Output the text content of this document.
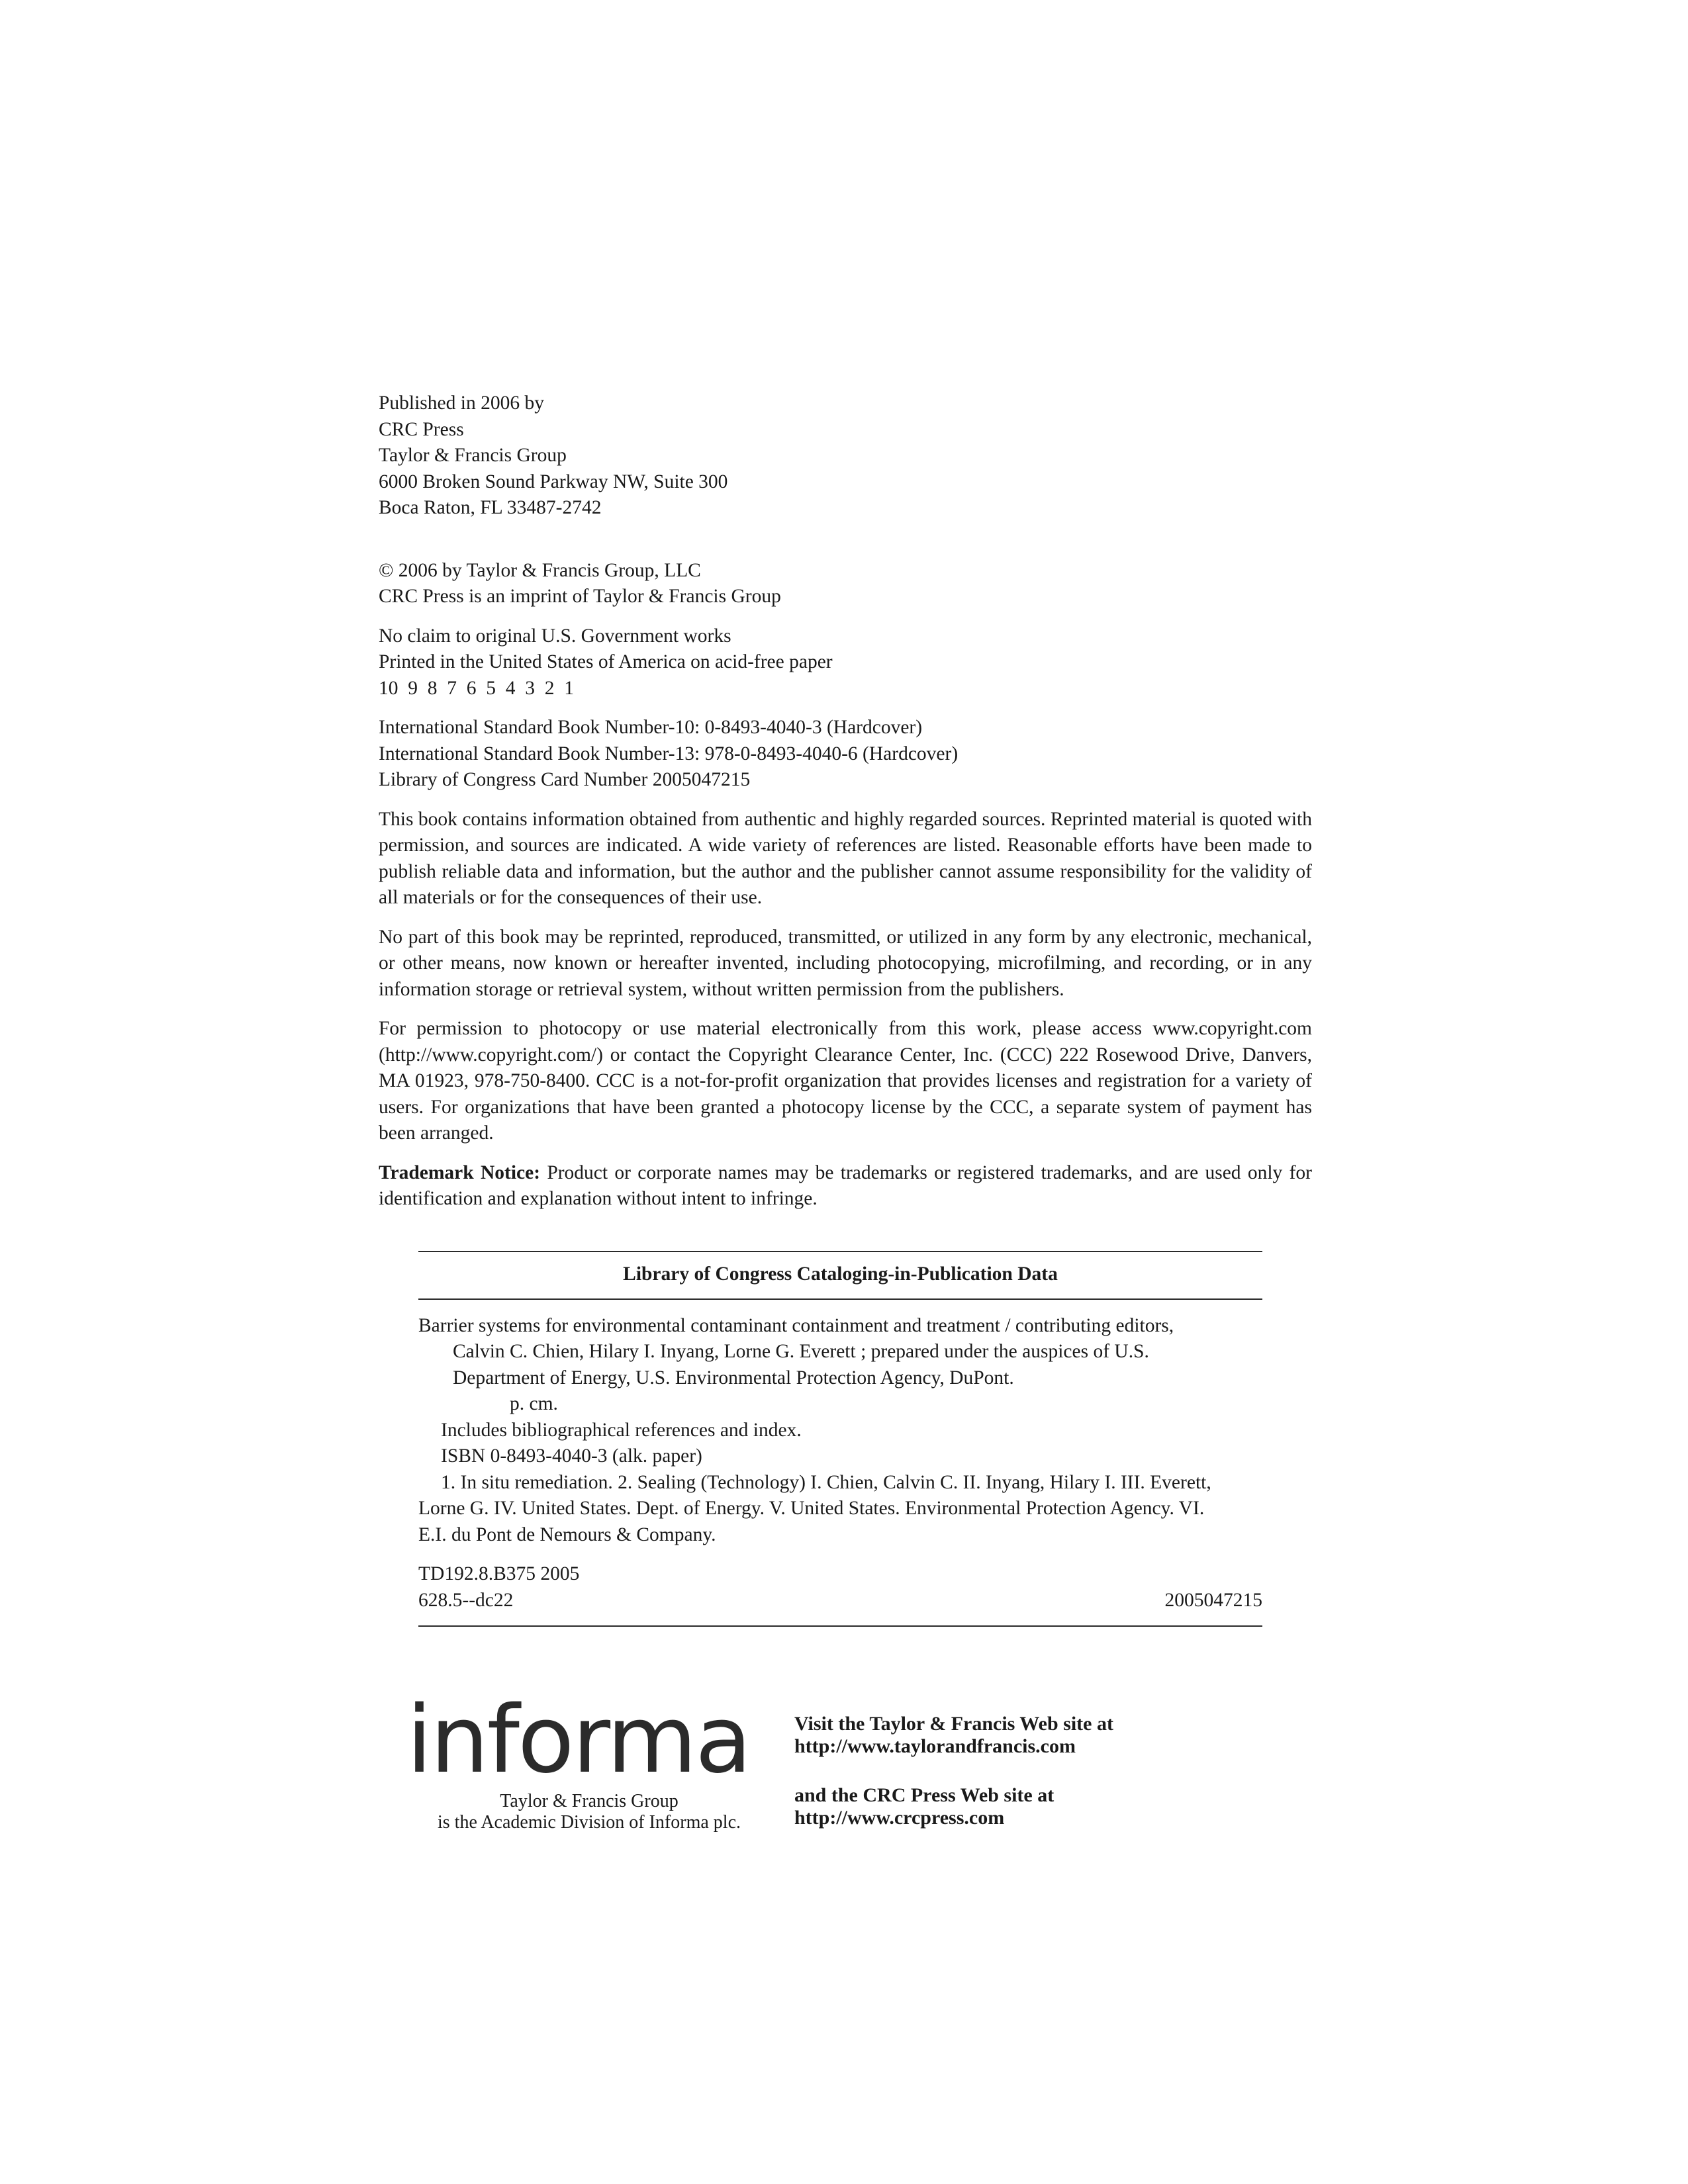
Published in 2006 by
CRC Press
Taylor & Francis Group
6000 Broken Sound Parkway NW, Suite 300
Boca Raton, FL 33487-2742
© 2006 by Taylor & Francis Group, LLC
CRC Press is an imprint of Taylor & Francis Group
No claim to original U.S. Government works
Printed in the United States of America on acid-free paper
10  9  8  7  6  5  4  3  2  1
International Standard Book Number-10: 0-8493-4040-3 (Hardcover)
International Standard Book Number-13: 978-0-8493-4040-6 (Hardcover)
Library of Congress Card Number 2005047215

This book contains information obtained from authentic and highly regarded sources. Reprinted material is quoted with permission, and sources are indicated. A wide variety of references are listed. Reasonable efforts have been made to publish reliable data and information, but the author and the publisher cannot assume responsibility for the validity of all materials or for the consequences of their use.

No part of this book may be reprinted, reproduced, transmitted, or utilized in any form by any electronic, mechanical, or other means, now known or hereafter invented, including photocopying, microfilming, and recording, or in any information storage or retrieval system, without written permission from the publishers.

For permission to photocopy or use material electronically from this work, please access www.copyright.com (http://www.copyright.com/) or contact the Copyright Clearance Center, Inc. (CCC) 222 Rosewood Drive, Danvers, MA 01923, 978-750-8400. CCC is a not-for-profit organization that provides licenses and registration for a variety of users. For organizations that have been granted a photocopy license by the CCC, a separate system of payment has been arranged.

Trademark Notice: Product or corporate names may be trademarks or registered trademarks, and are used only for identification and explanation without intent to infringe.

Library of Congress Cataloging-in-Publication Data
Barrier systems for environmental contaminant containment and treatment / contributing editors,
Calvin C. Chien, Hilary I. Inyang, Lorne G. Everett ; prepared under the auspices of U.S.
Department of Energy, U.S. Environmental Protection Agency, DuPont.
p. cm.
Includes bibliographical references and index.
ISBN 0-8493-4040-3 (alk. paper)
1. In situ remediation. 2. Sealing (Technology) I. Chien, Calvin C. II. Inyang, Hilary I. III. Everett,
Lorne G. IV. United States. Dept. of Energy. V. United States. Environmental Protection Agency. VI.
E.I. du Pont de Nemours & Company.
TD192.8.B375 2005
628.5--dc22	2005047215
informa
Taylor & Francis Group
is the Academic Division of Informa plc.
Visit the Taylor & Francis Web site at
http://www.taylorandfrancis.com
and the CRC Press Web site at
http://www.crcpress.com
